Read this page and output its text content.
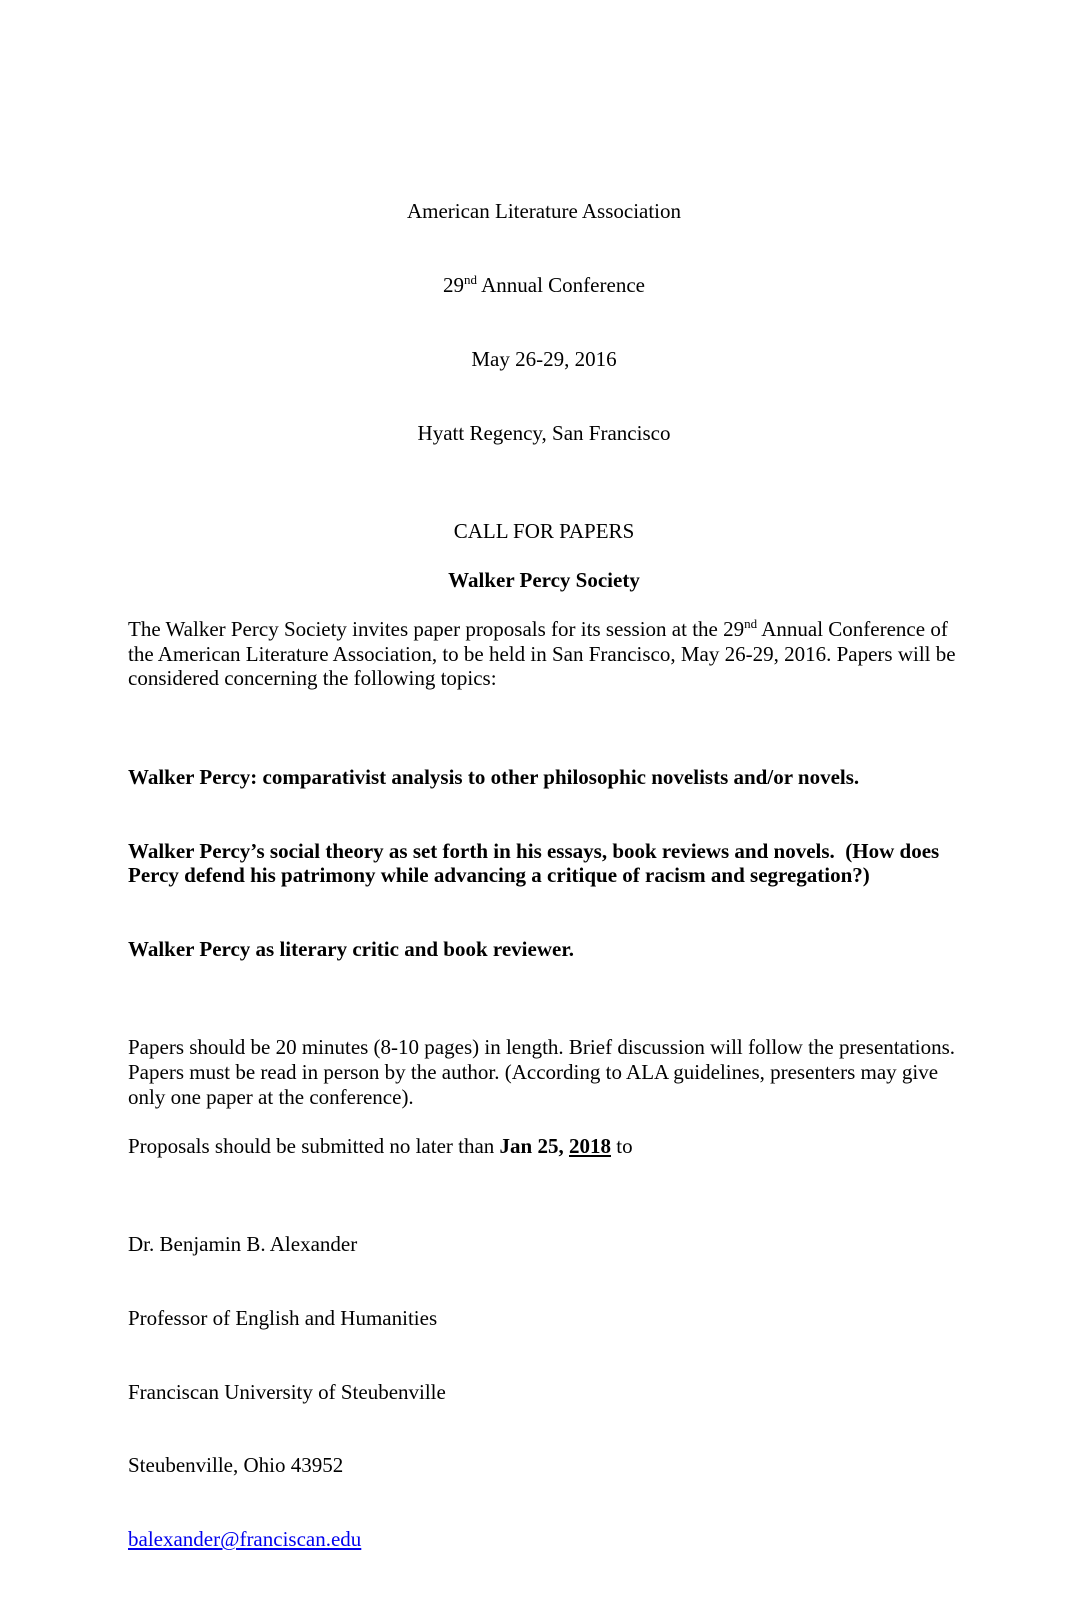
American Literature Association

29nd Annual Conference

May 26-29, 2016

Hyatt Regency, San Francisco

CALL FOR PAPERS
Walker Percy Society

The Walker Percy Society invites paper proposals for its session at the 29nd Annual Conference of the American Literature Association, to be held in San Francisco, May 26-29, 2016. Papers will be considered concerning the following topics:

Walker Percy: comparativist analysis to other philosophic novelists and/or novels.

Walker Percy’s social theory as set forth in his essays, book reviews and novels.  (How does Percy defend his patrimony while advancing a critique of racism and segregation?)

Walker Percy as literary critic and book reviewer.

Papers should be 20 minutes (8-10 pages) in length. Brief discussion will follow the presentations. Papers must be read in person by the author. (According to ALA guidelines, presenters may give only one paper at the conference).

Proposals should be submitted no later than Jan 25, 2018 to

Dr. Benjamin B. Alexander

Professor of English and Humanities

Franciscan University of Steubenville

Steubenville, Ohio 43952

balexander@franciscan.edu
